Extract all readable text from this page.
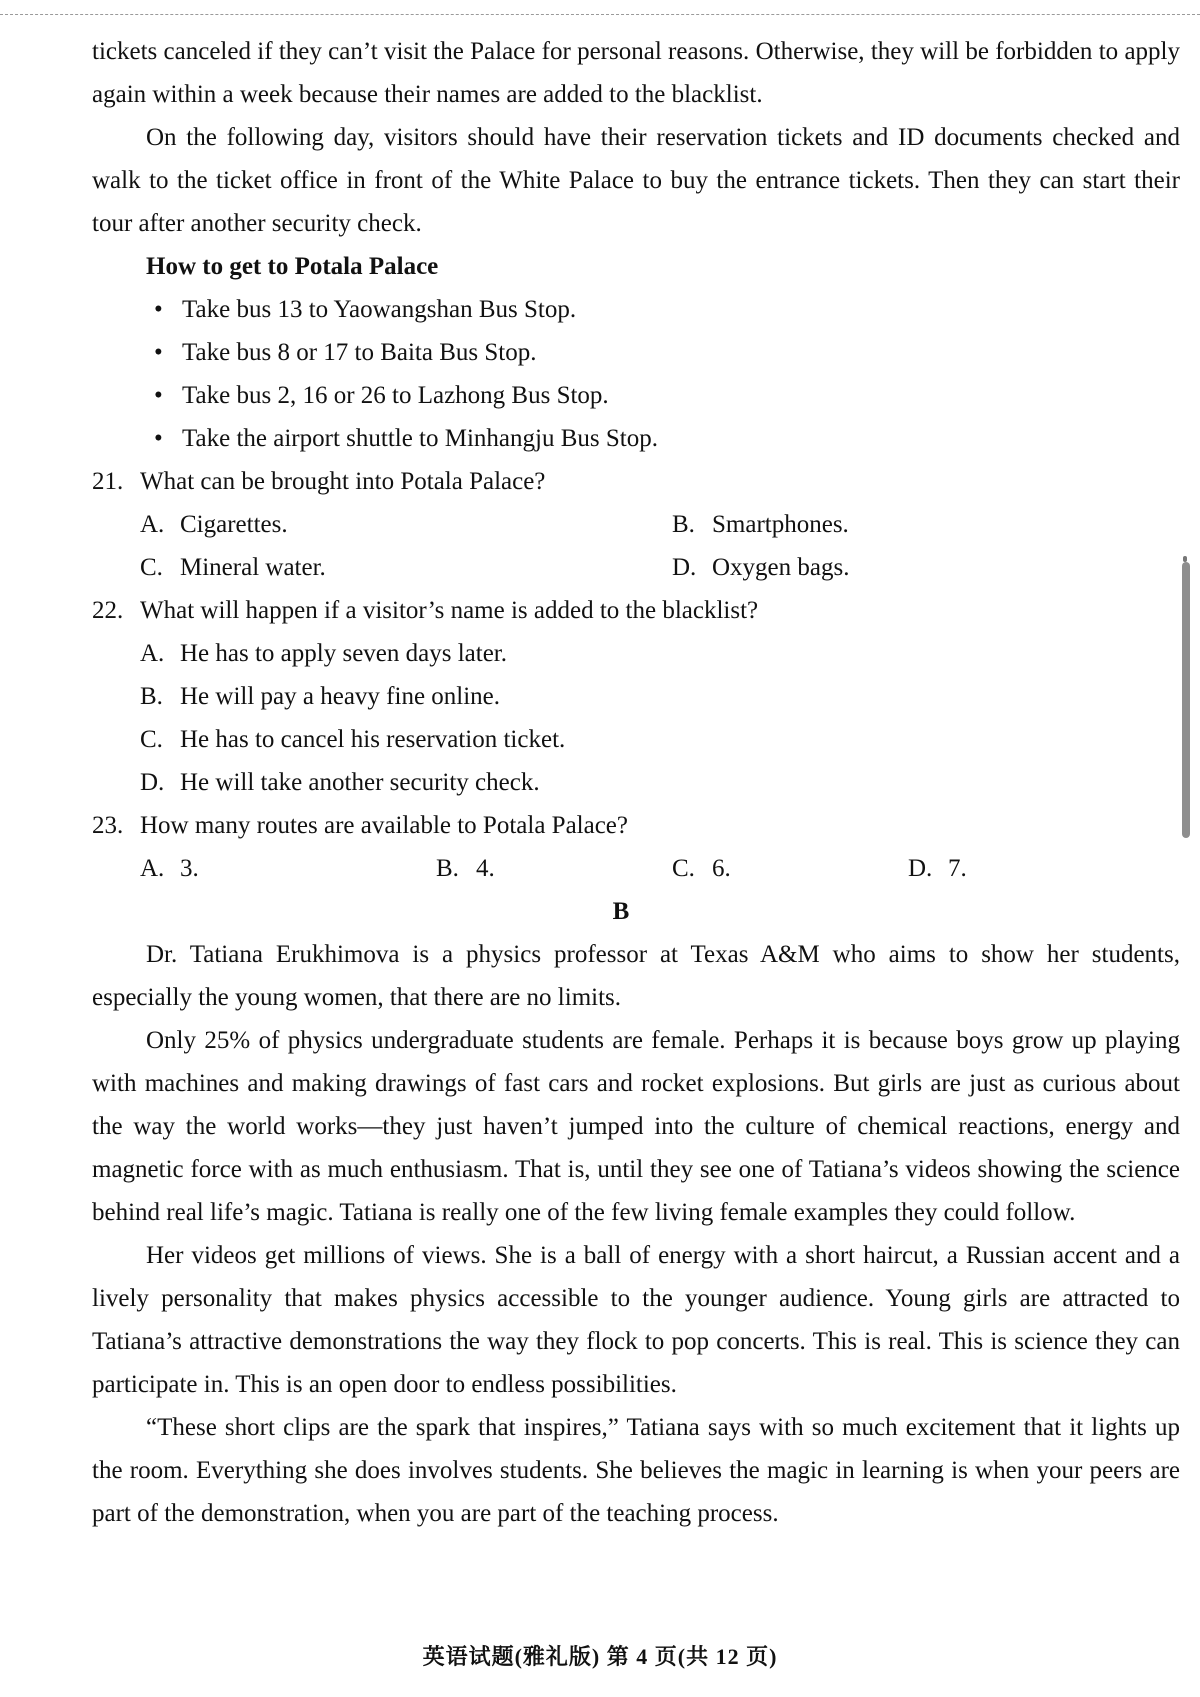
tickets canceled if they can’t visit the Palace for personal reasons. Otherwise, they will be forbidden to apply again within a week because their names are added to the blacklist.

On the following day, visitors should have their reservation tickets and ID documents checked and walk to the ticket office in front of the White Palace to buy the entrance tickets. Then they can start their tour after another security check.

How to get to Potala Palace

• Take bus 13 to Yaowangshan Bus Stop.
• Take bus 8 or 17 to Baita Bus Stop.
• Take bus 2, 16 or 26 to Lazhong Bus Stop.
• Take the airport shuttle to Minhangju Bus Stop.

21. What can be brought into Potala Palace?

A. Cigarettes.	B. Smartphones.
C. Mineral water.	D. Oxygen bags.

22. What will happen if a visitor’s name is added to the blacklist?

A. He has to apply seven days later.
B. He will pay a heavy fine online.
C. He has to cancel his reservation ticket.
D. He will take another security check.

23. How many routes are available to Potala Palace?

A. 3.	B. 4.	C. 6.	D. 7.

B

Dr. Tatiana Erukhimova is a physics professor at Texas A&M who aims to show her students, especially the young women, that there are no limits.

Only 25% of physics undergraduate students are female. Perhaps it is because boys grow up playing with machines and making drawings of fast cars and rocket explosions. But girls are just as curious about the way the world works—they just haven’t jumped into the culture of chemical reactions, energy and magnetic force with as much enthusiasm. That is, until they see one of Tatiana’s videos showing the science behind real life’s magic. Tatiana is really one of the few living female examples they could follow.

Her videos get millions of views. She is a ball of energy with a short haircut, a Russian accent and a lively personality that makes physics accessible to the younger audience. Young girls are attracted to Tatiana’s attractive demonstrations the way they flock to pop concerts. This is real. This is science they can participate in. This is an open door to endless possibilities.

“These short clips are the spark that inspires,” Tatiana says with so much excitement that it lights up the room. Everything she does involves students. She believes the magic in learning is when your peers are part of the demonstration, when you are part of the teaching process.

英语试题(雅礼版) 第 4 页(共 12 页)
